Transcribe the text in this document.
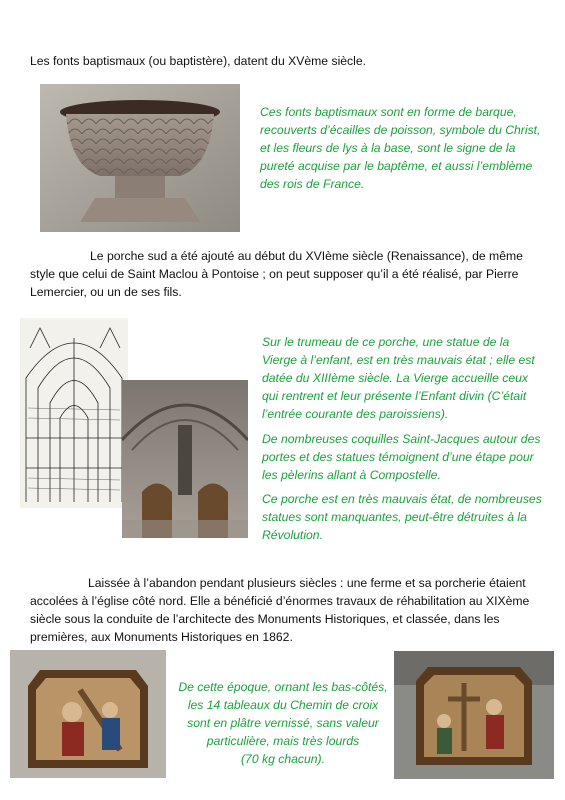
Les fonts baptismaux (ou baptistère), datent du XVème siècle.
Ces fonts baptismaux sont en forme de barque,
recouverts d’écailles de poisson, symbole du Christ,
et les fleurs de lys à la base, sont le signe de la
pureté acquise par le baptême, et aussi l’emblème
des rois de France.
Le porche sud a été ajouté au début du XVIème siècle (Renaissance), de même
style que celui de Saint Maclou à Pontoise ; on peut supposer qu’il a été réalisé, par Pierre
Lemercier, ou un de ses fils.
Sur le trumeau de ce porche, une statue de la
Vierge à l’enfant, est en très mauvais état ; elle est
datée du XIIIème siècle. La Vierge accueille ceux
qui rentrent et leur présente l’Enfant divin (C’était
l’entrée courante des paroissiens).
De nombreuses coquilles Saint-Jacques autour des
portes et des statues témoignent d’une étape pour
les pèlerins allant à Compostelle.
Ce porche est en très mauvais état, de nombreuses
statues sont manquantes, peut-être détruites à la
Révolution.
Laissée à l’abandon pendant plusieurs siècles : une ferme et sa porcherie étaient
accolées à l’église côté nord. Elle a bénéficié d’énormes travaux de réhabilitation au XIXème
siècle sous la conduite de l’architecte des Monuments Historiques, et classée, dans les
premières, aux Monuments Historiques en 1862.
De cette époque, ornant les bas-côtés,
les 14 tableaux du Chemin de croix
sont en plâtre vernissé, sans valeur
particulière, mais très lourds
(70 kg chacun).
